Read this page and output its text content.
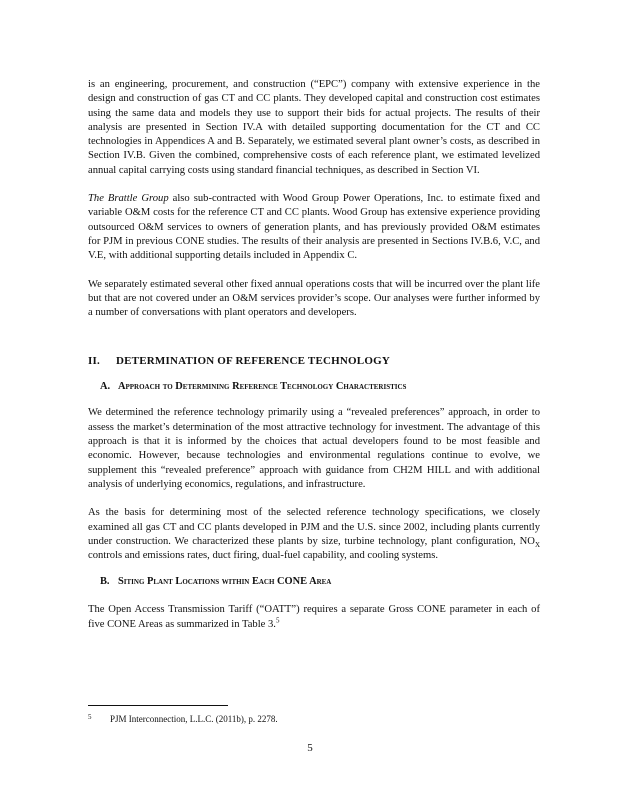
is an engineering, procurement, and construction (“EPC”) company with extensive experience in the design and construction of gas CT and CC plants. They developed capital and construction cost estimates using the same data and models they use to support their bids for actual projects. The results of their analysis are presented in Section IV.A with detailed supporting documentation for the CT and CC technologies in Appendices A and B. Separately, we estimated several plant owner’s costs, as described in Section IV.B. Given the combined, comprehensive costs of each reference plant, we estimated levelized annual capital carrying costs using standard financial techniques, as described in Section VI.

The Brattle Group also sub-contracted with Wood Group Power Operations, Inc. to estimate fixed and variable O&M costs for the reference CT and CC plants. Wood Group has extensive experience providing outsourced O&M services to owners of generation plants, and has previously provided O&M estimates for PJM in previous CONE studies. The results of their analysis are presented in Sections IV.B.6, V.C, and V.E, with additional supporting details included in Appendix C.

We separately estimated several other fixed annual operations costs that will be incurred over the plant life but that are not covered under an O&M services provider’s scope. Our analyses were further informed by a number of conversations with plant operators and developers.

II. DETERMINATION OF REFERENCE TECHNOLOGY
A. Approach to Determining Reference Technology Characteristics

We determined the reference technology primarily using a “revealed preferences” approach, in order to assess the market’s determination of the most attractive technology for investment. The advantage of this approach is that it is informed by the choices that actual developers found to be most feasible and economic. However, because technologies and environmental regulations continue to evolve, we supplement this “revealed preference” approach with guidance from CH2M HILL and with additional analysis of underlying economics, regulations, and infrastructure.

As the basis for determining most of the selected reference technology specifications, we closely examined all gas CT and CC plants developed in PJM and the U.S. since 2002, including plants currently under construction. We characterized these plants by size, turbine technology, plant configuration, $NO_X$ controls and emissions rates, duct firing, dual-fuel capability, and cooling systems.

B. Siting Plant Locations within Each CONE Area

The Open Access Transmission Tariff (“OATT”) requires a separate Gross CONE parameter in each of five CONE Areas as summarized in Table 3.$^5$

5 PJM Interconnection, L.L.C. (2011b), p. 2278.
5
